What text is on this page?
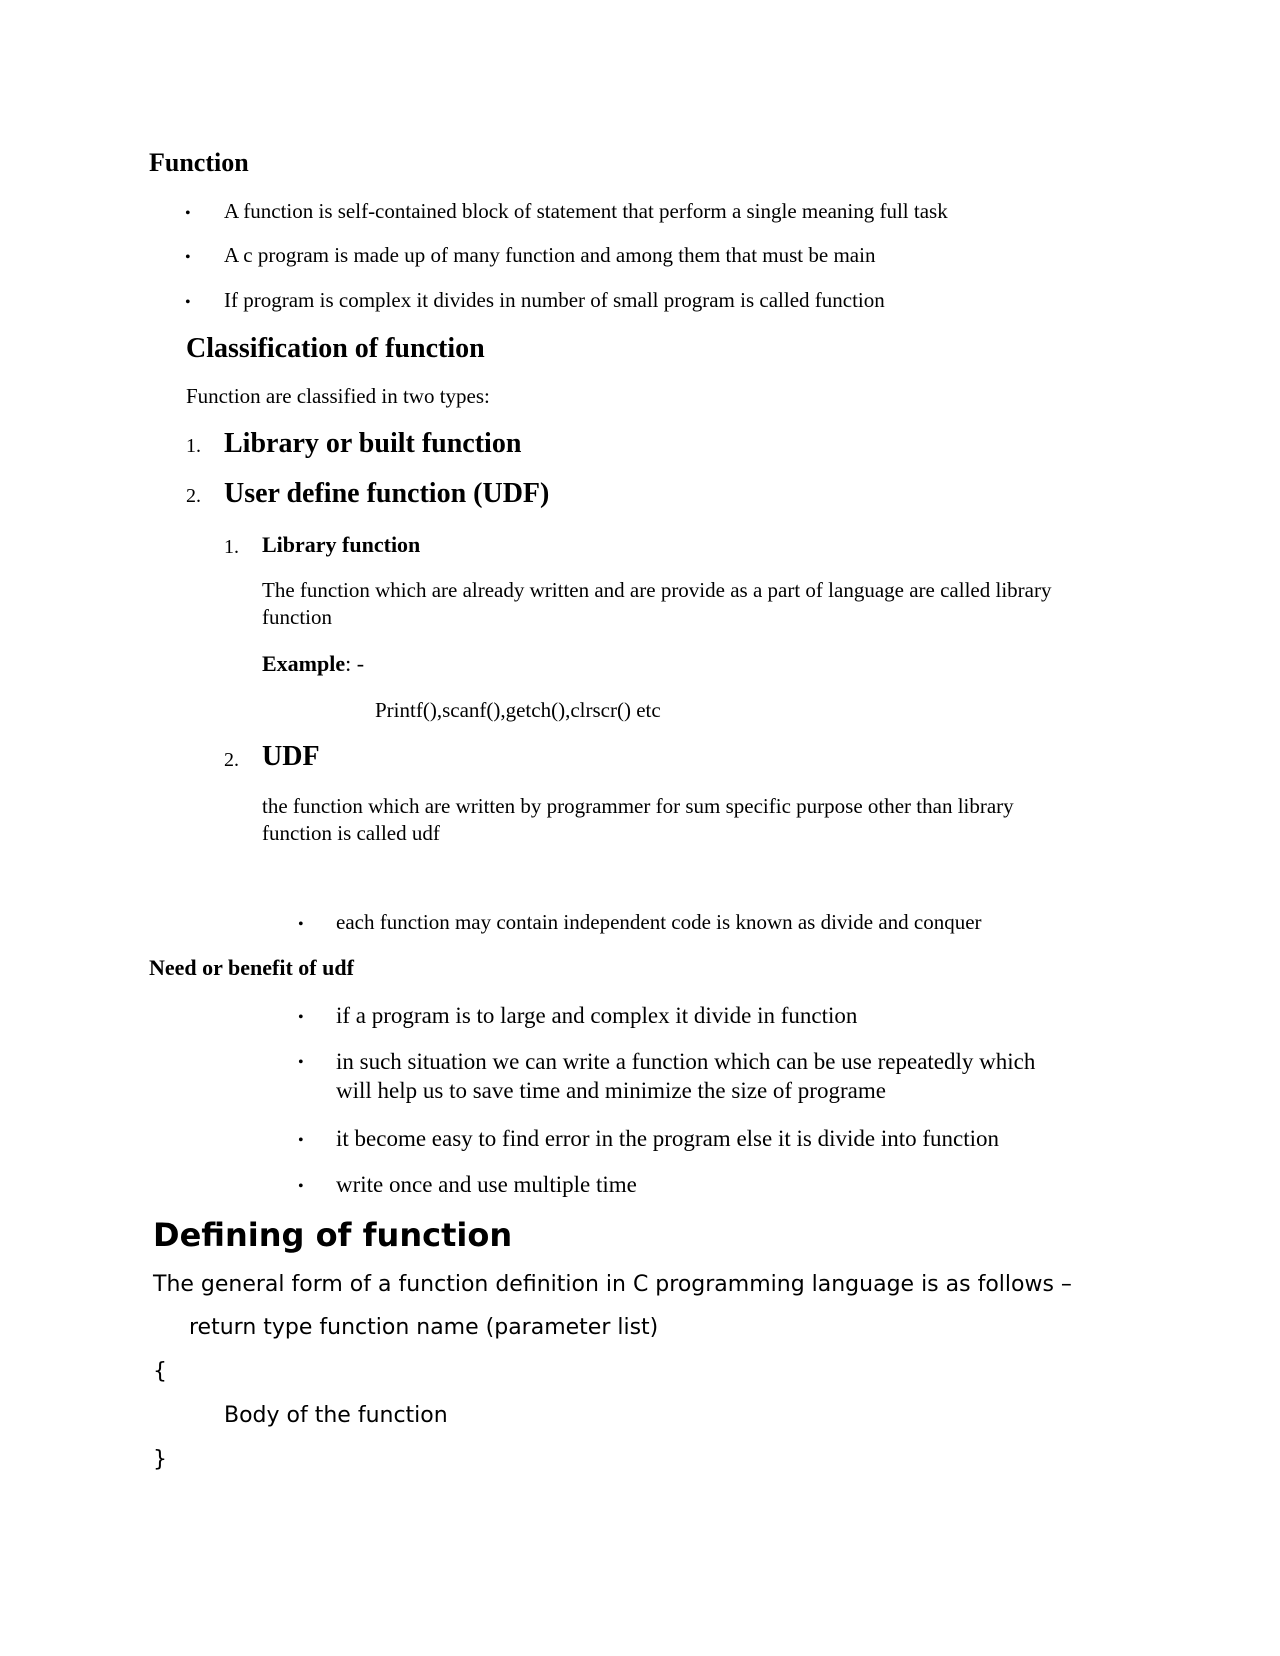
Function
• A function is self-contained block of statement that perform a single meaning full task
• A c program is made up of many function and among them that must be main
• If program is complex it divides in number of small program is called function
Classification of function
Function are classified in two types:
1. Library or built function
2. User define function (UDF)
1. Library function
The function which are already written and are provide as a part of language are called library
function
Example: -
Printf(),scanf(),getch(),clrscr() etc
2. UDF
the function which are written by programmer for sum specific purpose other than library
function is called udf
• each function may contain independent code is known as divide and conquer
Need or benefit of udf
• if a program is to large and complex it divide in function
• in such situation we can write a function which can be use repeatedly which
will help us to save time and minimize the size of programe
• it become easy to find error in the program else it is divide into function
• write once and use multiple time
Defining of function
The general form of a function definition in C programming language is as follows –
return type function name (parameter list)
{
Body of the function
}
